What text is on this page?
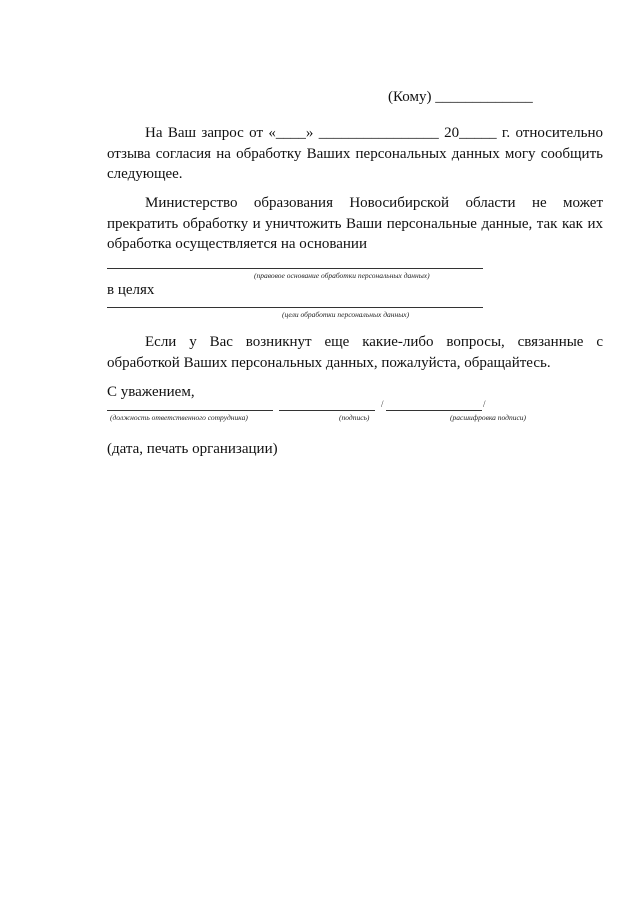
(Кому) _____________

На Ваш запрос от «____» ________________ 20_____ г. относительно отзыва согласия на обработку Ваших персональных данных могу сообщить следующее.

Министерство образования Новосибирской области не может прекратить обработку и уничтожить Ваши персональные данные, так как их обработка осуществляется на основании

(правовое основание обработки персональных данных)
в целях
(цели обработки персональных данных)

Если у Вас возникнут еще какие-либо вопросы, связанные с обработкой Ваших персональных данных, пожалуйста, обращайтесь.

С уважением,
(должность ответственного сотрудника)	(подпись)
/	/
(расшифровка подписи)
(дата, печать организации)
